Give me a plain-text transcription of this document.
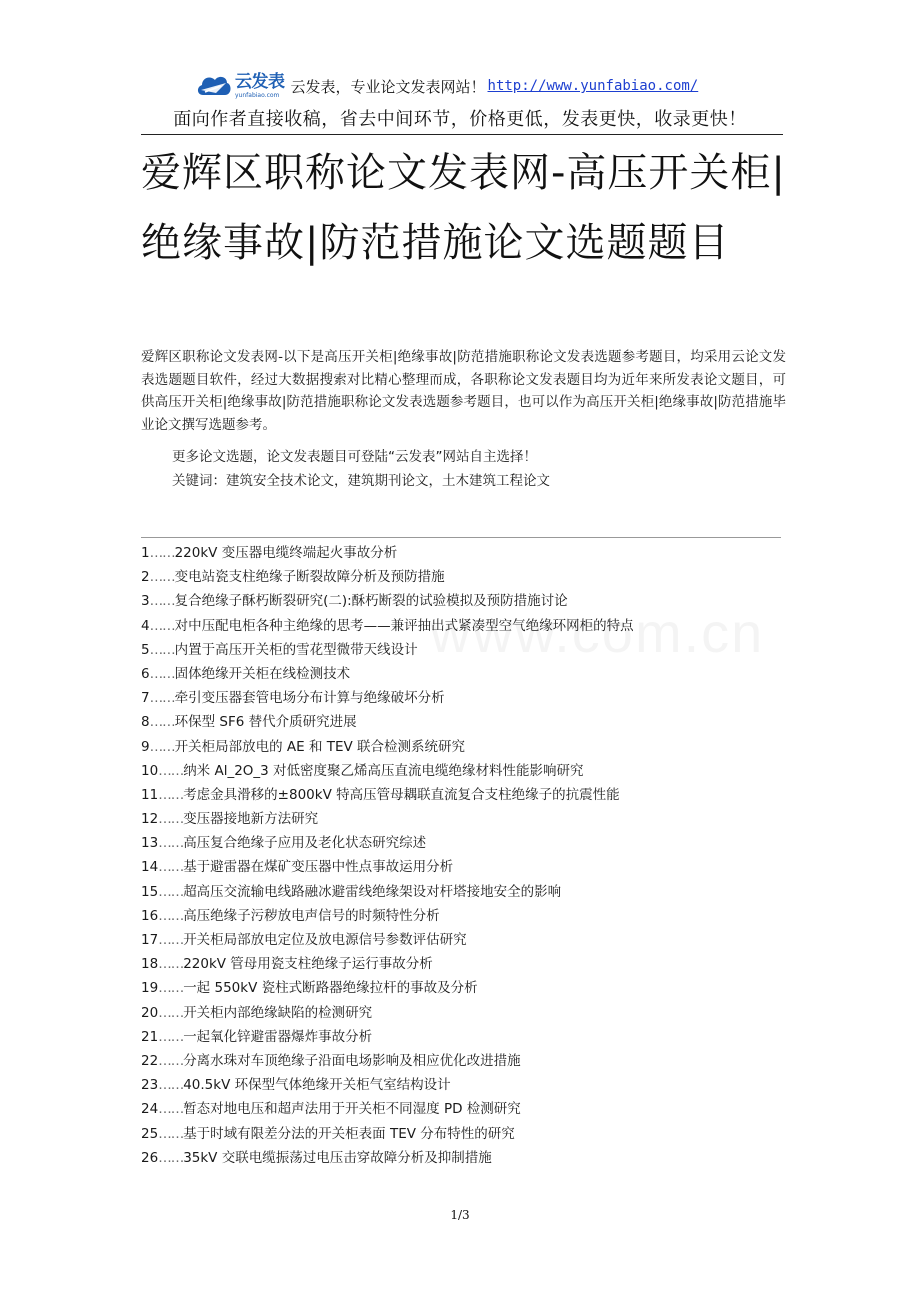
云发表
yunfabiao.com 云发表，专业论文发表网站！ http://www.yunfabiao.com/
面向作者直接收稿，省去中间环节，价格更低，发表更快，收录更快！
爱辉区职称论文发表网-高压开关柜|绝缘事故|防范措施论文选题题目

爱辉区职称论文发表网-以下是高压开关柜|绝缘事故|防范措施职称论文发表选题参考题目，均采用云论文发表选题题目软件，经过大数据搜索对比精心整理而成，各职称论文发表题目均为近年来所发表论文题目，可供高压开关柜|绝缘事故|防范措施职称论文发表选题参考题目，也可以作为高压开关柜|绝缘事故|防范措施毕业论文撰写选题参考。

更多论文选题，论文发表题目可登陆“云发表”网站自主选择！

关键词：建筑安全技术论文，建筑期刊论文，土木建筑工程论文

1……220kV 变压器电缆终端起火事故分析
2……变电站瓷支柱绝缘子断裂故障分析及预防措施
3……复合绝缘子酥朽断裂研究(二):酥朽断裂的试验模拟及预防措施讨论
4……对中压配电柜各种主绝缘的思考——兼评抽出式紧凑型空气绝缘环网柜的特点
5……内置于高压开关柜的雪花型微带天线设计
6……固体绝缘开关柜在线检测技术
7……牵引变压器套管电场分布计算与绝缘破坏分析
8……环保型 SF6 替代介质研究进展
9……开关柜局部放电的 AE 和 TEV 联合检测系统研究
10……纳米 Al_2O_3 对低密度聚乙烯高压直流电缆绝缘材料性能影响研究
11……考虑金具滑移的±800kV 特高压管母耦联直流复合支柱绝缘子的抗震性能
12……变压器接地新方法研究
13……高压复合绝缘子应用及老化状态研究综述
14……基于避雷器在煤矿变压器中性点事故运用分析
15……超高压交流输电线路融冰避雷线绝缘架设对杆塔接地安全的影响
16……高压绝缘子污秽放电声信号的时频特性分析
17……开关柜局部放电定位及放电源信号参数评估研究
18……220kV 管母用瓷支柱绝缘子运行事故分析
19……一起 550kV 瓷柱式断路器绝缘拉杆的事故及分析
20……开关柜内部绝缘缺陷的检测研究
21……一起氧化锌避雷器爆炸事故分析
22……分离水珠对车顶绝缘子沿面电场影响及相应优化改进措施
23……40.5kV 环保型气体绝缘开关柜气室结构设计
24……暂态对地电压和超声法用于开关柜不同湿度 PD 检测研究
25……基于时域有限差分法的开关柜表面 TEV 分布特性的研究
26……35kV 交联电缆振荡过电压击穿故障分析及抑制措施
1/3
